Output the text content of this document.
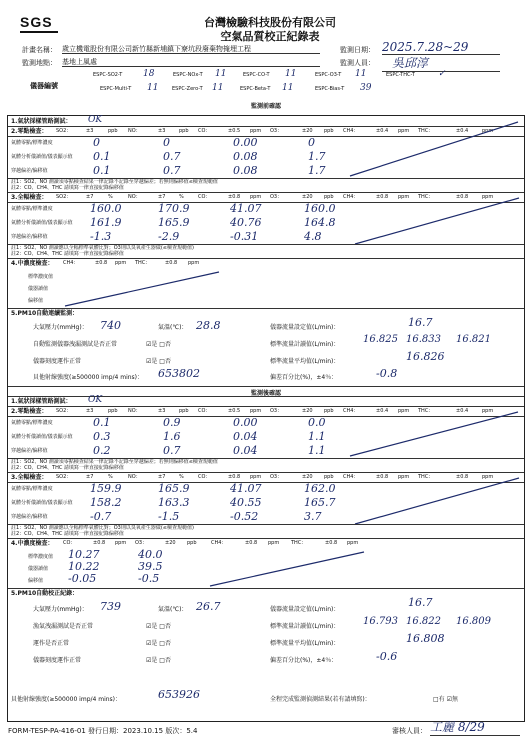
SGS	台灣檢驗科技股份有限公司
空氣品質校正紀錄表
計畫名稱： 歲立機電股份有限公司新竹縣新埔鎮下寮坑段廢棄物掩埋工程	監測日期： 2025.7.28~29
監測地點： 基地上風處	監測人員：	吳邱淳
儀器編號
ESPC-SO2-T 18	ESPC-NOx-T 11	ESPC-CO-T 11	ESPC-O3-T 11	ESPC-THC-T	✓
ESPC-Multi-T 11	ESPC-Zero-T 11	ESPC-Beta-T 11	ESPC-Bias-T 39
監測前確認
1.氣狀採樣管路測試： OK
2.零點檢查： SO2：	±3	ppb NO：	±3	ppb CO：	±0.5 ppm O3：	±20 ppb CH4：	±0.4 ppm THC：	±0.4	ppm
氣體零點/標準濃度
氣體分析儀讀值/儀表顯示值
穿越偏差/偏移值
0	0	0.00	0
0.1	0.7	0.08	1.7
0.1	0.7	0.08	1.7
註1：SO2、NO 測讀須零點檢查結果一律記錄不記錄至穿越偏差；若無則偏移值≤檢查規範值
註2：CO、CH4、THC 請填寫一律直接紀錄偏移值
3.全幅檢查： SO2：	±7	%	NO：	±7	%	CO：	±0.8 ppm O3：	±20 ppb CH4：	±0.8 ppm THC：	±0.8	ppm
氣體零點/標準濃度
氣體分析儀讀值/儀表顯示值
穿越偏差/偏移值
160.0	170.9	41.07	160.0
161.9	165.9	40.76	164.8
-1.3	-2.9	-0.31	4.8
註1：SO2、NO 測讀應以全幅標準氣體比對；O3則以臭氧產生器做(≤檢查規範值)
註2：CO、CH4、THC 請填寫一律直接紀錄偏移值
4.中濃度檢查： CH4：	±0.8 ppm THC：	±0.8 ppm
標準濃度值
儀器讀值
偏移值
5.PM10自動連續監測：
大氣壓力(mmHg)： 740	氣溫(℃)： 28.8	儀器流量設定值(L/min)：	16.7
自動監測儀器洩漏測試是否正常	☑是 □否	標準流量計讀值(L/min)： 16.825 16.833 16.821
儀器刻度運作正常	☑是 □否	標準流量平均值(L/min)：	16.826
貝他射線強度(≥500000 imp/4 mins)： 653802	偏差百分比(%)，±4％：	-0.8
監測後確認
1.氣狀採樣管路測試： OK
2.零點檢查： SO2：	±3	ppb NO：	±3	ppb CO：	±0.5 ppm O3：	±20 ppb CH4：	±0.4 ppm THC：	±0.4	ppm
氣體零點/標準濃度
氣體分析儀讀值/儀表顯示值
穿越偏差/偏移值
0.1	0.9	0.00	0.0
0.3	1.6	0.04	1.1
0.2	0.7	0.04	1.1
註1：SO2、NO 測讀須零點檢查結果一律記錄不記錄至穿越偏差；若無則偏移值≤檢查規範值
註2：CO、CH4、THC 請填寫一律直接紀錄偏移值
3.全幅檢查： SO2：	±7	%	NO：	±7	%	CO：	±0.8 ppm O3：	±20 ppb CH4：	±0.8 ppm THC：	±0.8	ppm
氣體零點/標準濃度
氣體分析儀讀值/儀表顯示值
穿越偏差/偏移值
159.9	165.9	41.07	162.0
158.2	163.3	40.55	165.7
-0.7	-1.5	-0.52	3.7
註1：SO2、NO 測讀應以全幅標準氣體比對；O3則以臭氧產生器做(≤檢查規範值)
註2：CO、CH4、THC 請填寫一律直接紀錄偏移值
4.中濃度檢查： CO：	±0.8 ppm O3：	±20 ppb	CH4：	±0.8 ppm THC：	±0.8 ppm
標準濃度值
儀器讀值
偏移值
10.27	40.0
10.22	39.5
-0.05	-0.5
5.PM10自動校正紀錄：
大氣壓力(mmHg)： 739	氣溫(℃)： 26.7	儀器流量設定值(L/min)：
16.7
漁氣洩漏測試是否正常	☑是 □否	標準流量計讀值(L/min)： 16.793 16.822 16.809
運作是否正常	☑是 □否	標準流量平均值(L/min)：	16.808
儀器刻度運作正常	☑是 □否	偏差百分比(%)，±4％：	-0.6
貝他射線強度(≥500000 imp/4 mins)：	653926	全程完成監測偵測結果(若有請填寫)：	□有 ☑無
FORM-TESP-PA-416-01 發行日期：2023.10.15 版次：5.4	審核人員： 工麗 8/29
